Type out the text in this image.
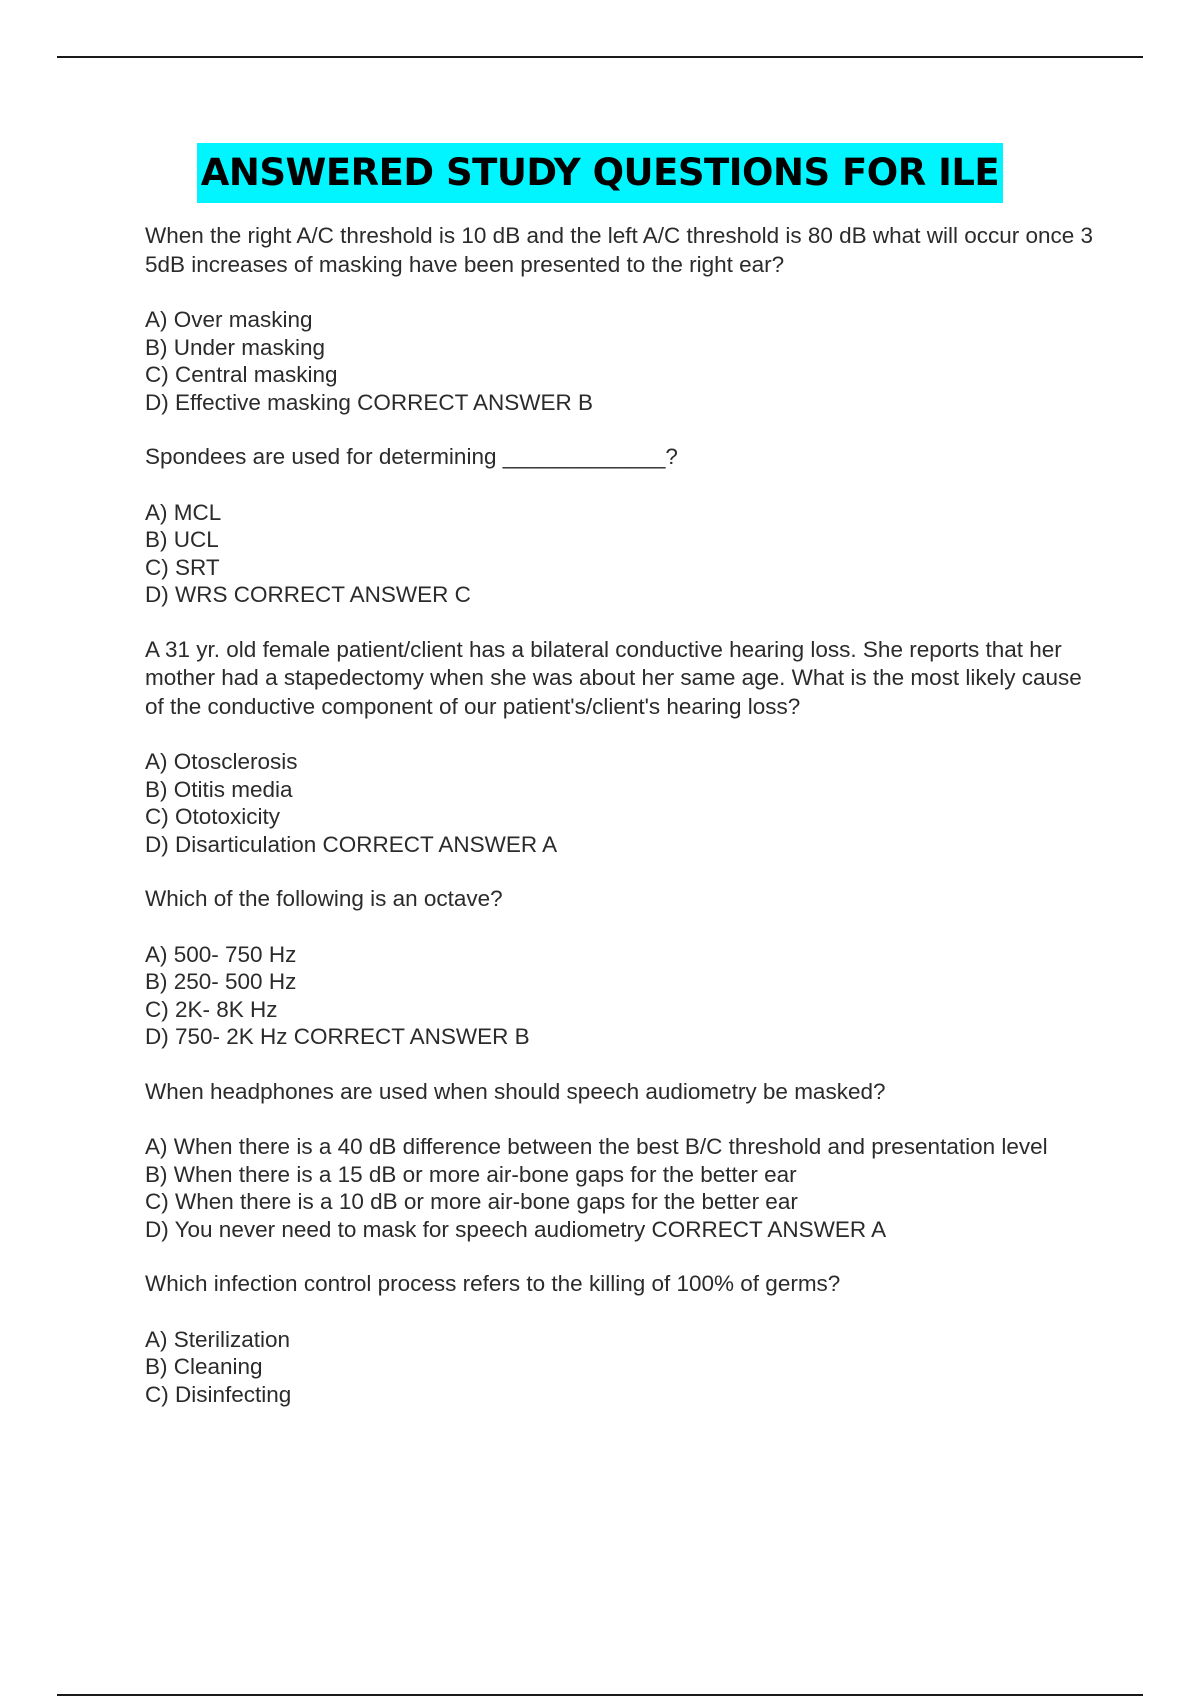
ANSWERED STUDY QUESTIONS FOR ILE

When the right A/C threshold is 10 dB and the left A/C threshold is 80 dB what will occur once 3 5dB increases of masking have been presented to the right ear?

A) Over masking
B) Under masking
C) Central masking
D) Effective masking CORRECT ANSWER B

Spondees are used for determining _____________?

A) MCL
B) UCL
C) SRT
D) WRS CORRECT ANSWER C

A 31 yr. old female patient/client has a bilateral conductive hearing loss. She reports that her mother had a stapedectomy when she was about her same age. What is the most likely cause of the conductive component of our patient's/client's hearing loss?

A) Otosclerosis
B) Otitis media
C) Ototoxicity
D) Disarticulation CORRECT ANSWER A

Which of the following is an octave?

A) 500- 750 Hz
B) 250- 500 Hz
C) 2K- 8K Hz
D) 750- 2K Hz CORRECT ANSWER B

When headphones are used when should speech audiometry be masked?

A) When there is a 40 dB difference between the best B/C threshold and presentation level
B) When there is a 15 dB or more air-bone gaps for the better ear
C) When there is a 10 dB or more air-bone gaps for the better ear
D) You never need to mask for speech audiometry CORRECT ANSWER A

Which infection control process refers to the killing of 100% of germs?

A) Sterilization
B) Cleaning
C) Disinfecting
